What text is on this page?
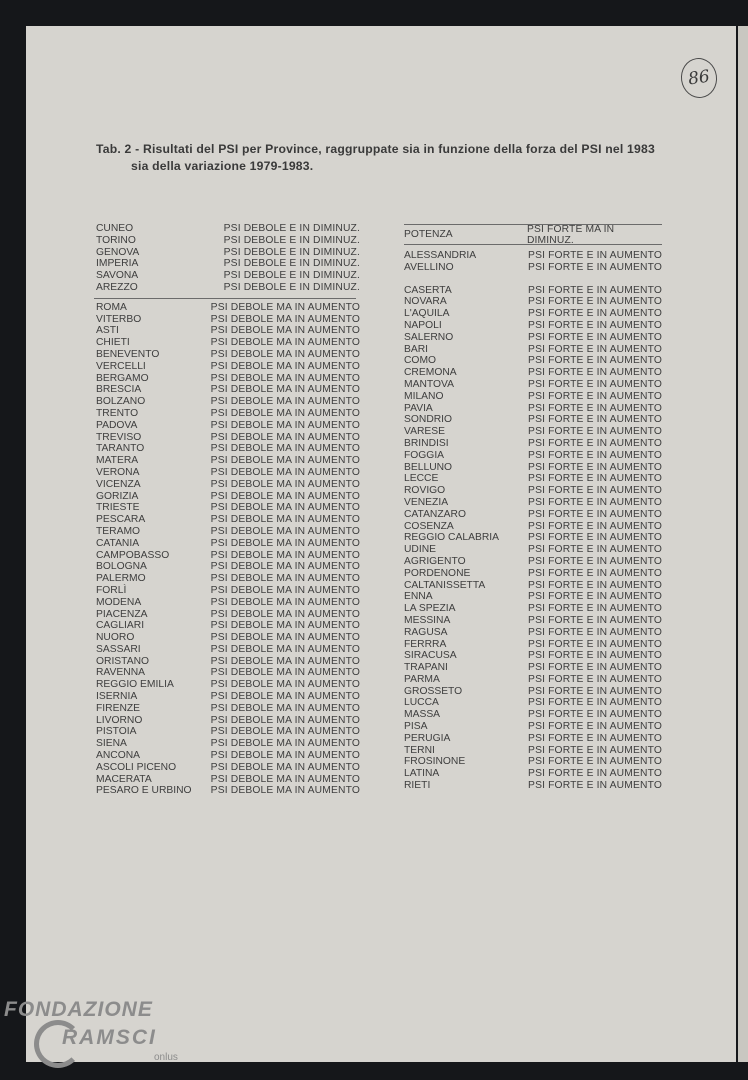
86
Tab. 2 - Risultati del PSI per Province, raggruppate sia in funzione della forza del PSI nel 1983
sia della variazione 1979-1983.
CUNEO	PSI DEBOLE E IN DIMINUZ.
TORINO	PSI DEBOLE E IN DIMINUZ.
GENOVA	PSI DEBOLE E IN DIMINUZ.
IMPERIA	PSI DEBOLE E IN DIMINUZ.
SAVONA	PSI DEBOLE E IN DIMINUZ.
AREZZO	PSI DEBOLE E IN DIMINUZ.
ROMA	PSI DEBOLE MA IN AUMENTO
VITERBO	PSI DEBOLE MA IN AUMENTO
ASTI	PSI DEBOLE MA IN AUMENTO
CHIETI	PSI DEBOLE MA IN AUMENTO
BENEVENTO	PSI DEBOLE MA IN AUMENTO
VERCELLI	PSI DEBOLE MA IN AUMENTO
BERGAMO	PSI DEBOLE MA IN AUMENTO
BRESCIA	PSI DEBOLE MA IN AUMENTO
BOLZANO	PSI DEBOLE MA IN AUMENTO
TRENTO	PSI DEBOLE MA IN AUMENTO
PADOVA	PSI DEBOLE MA IN AUMENTO
TREVISO	PSI DEBOLE MA IN AUMENTO
TARANTO	PSI DEBOLE MA IN AUMENTO
MATERA	PSI DEBOLE MA IN AUMENTO
VERONA	PSI DEBOLE MA IN AUMENTO
VICENZA	PSI DEBOLE MA IN AUMENTO
GORIZIA	PSI DEBOLE MA IN AUMENTO
TRIESTE	PSI DEBOLE MA IN AUMENTO
PESCARA	PSI DEBOLE MA IN AUMENTO
TERAMO	PSI DEBOLE MA IN AUMENTO
CATANIA	PSI DEBOLE MA IN AUMENTO
CAMPOBASSO	PSI DEBOLE MA IN AUMENTO
BOLOGNA	PSI DEBOLE MA IN AUMENTO
PALERMO	PSI DEBOLE MA IN AUMENTO
FORLÌ	PSI DEBOLE MA IN AUMENTO
MODENA	PSI DEBOLE MA IN AUMENTO
PIACENZA	PSI DEBOLE MA IN AUMENTO
CAGLIARI	PSI DEBOLE MA IN AUMENTO
NUORO	PSI DEBOLE MA IN AUMENTO
SASSARI	PSI DEBOLE MA IN AUMENTO
ORISTANO	PSI DEBOLE MA IN AUMENTO
RAVENNA	PSI DEBOLE MA IN AUMENTO
REGGIO EMILIA	PSI DEBOLE MA IN AUMENTO
ISERNIA	PSI DEBOLE MA IN AUMENTO
FIRENZE	PSI DEBOLE MA IN AUMENTO
LIVORNO	PSI DEBOLE MA IN AUMENTO
PISTOIA	PSI DEBOLE MA IN AUMENTO
SIENA	PSI DEBOLE MA IN AUMENTO
ANCONA	PSI DEBOLE MA IN AUMENTO
ASCOLI PICENO	PSI DEBOLE MA IN AUMENTO
MACERATA	PSI DEBOLE MA IN AUMENTO
PESARO E URBINO	PSI DEBOLE MA IN AUMENTO
POTENZA	PSI FORTE MA IN DIMINUZ.
ALESSANDRIA	PSI FORTE E IN AUMENTO
AVELLINO	PSI FORTE E IN AUMENTO
CASERTA	PSI FORTE E IN AUMENTO
NOVARA	PSI FORTE E IN AUMENTO
L'AQUILA	PSI FORTE E IN AUMENTO
NAPOLI	PSI FORTE E IN AUMENTO
SALERNO	PSI FORTE E IN AUMENTO
BARI	PSI FORTE E IN AUMENTO
COMO	PSI FORTE E IN AUMENTO
CREMONA	PSI FORTE E IN AUMENTO
MANTOVA	PSI FORTE E IN AUMENTO
MILANO	PSI FORTE E IN AUMENTO
PAVIA	PSI FORTE E IN AUMENTO
SONDRIO	PSI FORTE E IN AUMENTO
VARESE	PSI FORTE E IN AUMENTO
BRINDISI	PSI FORTE E IN AUMENTO
FOGGIA	PSI FORTE E IN AUMENTO
BELLUNO	PSI FORTE E IN AUMENTO
LECCE	PSI FORTE E IN AUMENTO
ROVIGO	PSI FORTE E IN AUMENTO
VENEZIA	PSI FORTE E IN AUMENTO
CATANZARO	PSI FORTE E IN AUMENTO
COSENZA	PSI FORTE E IN AUMENTO
REGGIO CALABRIA	PSI FORTE E IN AUMENTO
UDINE	PSI FORTE E IN AUMENTO
AGRIGENTO	PSI FORTE E IN AUMENTO
PORDENONE	PSI FORTE E IN AUMENTO
CALTANISSETTA	PSI FORTE E IN AUMENTO
ENNA	PSI FORTE E IN AUMENTO
LA SPEZIA	PSI FORTE E IN AUMENTO
MESSINA	PSI FORTE E IN AUMENTO
RAGUSA	PSI FORTE E IN AUMENTO
FERRRA	PSI FORTE E IN AUMENTO
SIRACUSA	PSI FORTE E IN AUMENTO
TRAPANI	PSI FORTE E IN AUMENTO
PARMA	PSI FORTE E IN AUMENTO
GROSSETO	PSI FORTE E IN AUMENTO
LUCCA	PSI FORTE E IN AUMENTO
MASSA	PSI FORTE E IN AUMENTO
PISA	PSI FORTE E IN AUMENTO
PERUGIA	PSI FORTE E IN AUMENTO
TERNI	PSI FORTE E IN AUMENTO
FROSINONE	PSI FORTE E IN AUMENTO
LATINA	PSI FORTE E IN AUMENTO
RIETI	PSI FORTE E IN AUMENTO
FONDAZIONE
RAMSCI
onlus
